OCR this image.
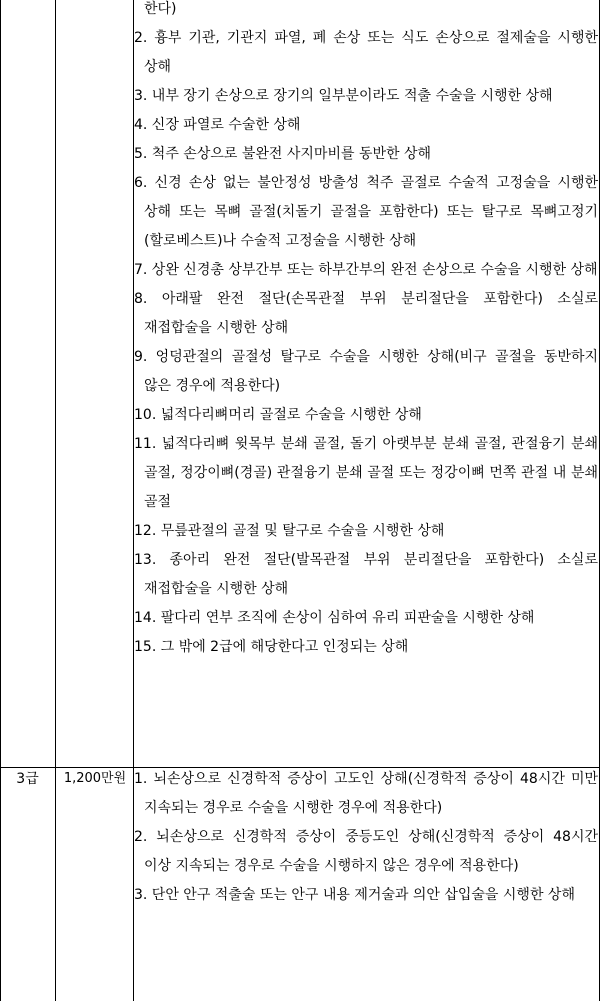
한다)
2. 흉부 기관, 기관지 파열, 폐 손상 또는 식도 손상으로 절제술을 시행한 상해
3. 내부 장기 손상으로 장기의 일부분이라도 적출 수술을 시행한 상해
4. 신장 파열로 수술한 상해
5. 척주 손상으로 불완전 사지마비를 동반한 상해
6. 신경 손상 없는 불안정성 방출성 척주 골절로 수술적 고정술을 시행한 상해 또는 목뼈 골절(치돌기 골절을 포함한다) 또는 탈구로 목뼈고정기(할로베스트)나 수술적 고정술을 시행한 상해
7. 상완 신경총 상부간부 또는 하부간부의 완전 손상으로 수술을 시행한 상해
8. 아래팔 완전 절단(손목관절 부위 분리절단을 포함한다) 소실로 재접합술을 시행한 상해
9. 엉덩관절의 골절성 탈구로 수술을 시행한 상해(비구 골절을 동반하지 않은 경우에 적용한다)
10. 넓적다리뼈머리 골절로 수술을 시행한 상해
11. 넓적다리뼈 윗목부 분쇄 골절, 돌기 아랫부분 분쇄 골절, 관절융기 분쇄 골절, 정강이뼈(경골) 관절융기 분쇄 골절 또는 정강이뼈 먼쪽 관절 내 분쇄 골절
12. 무릎관절의 골절 및 탈구로 수술을 시행한 상해
13. 종아리 완전 절단(발목관절 부위 분리절단을 포함한다) 소실로 재접합술을 시행한 상해
14. 팔다리 연부 조직에 손상이 심하여 유리 피판술을 시행한 상해
15. 그 밖에 2급에 해당한다고 인정되는 상해
3급	1,200만원 1. 뇌손상으로 신경학적 증상이 고도인 상해(신경학적 증상이 48시간 미만 지속되는 경우로 수술을 시행한 경우에 적용한다)
2. 뇌손상으로 신경학적 증상이 중등도인 상해(신경학적 증상이 48시간 이상 지속되는 경우로 수술을 시행하지 않은 경우에 적용한다)
3. 단안 안구 적출술 또는 안구 내용 제거술과 의안 삽입술을 시행한 상해
